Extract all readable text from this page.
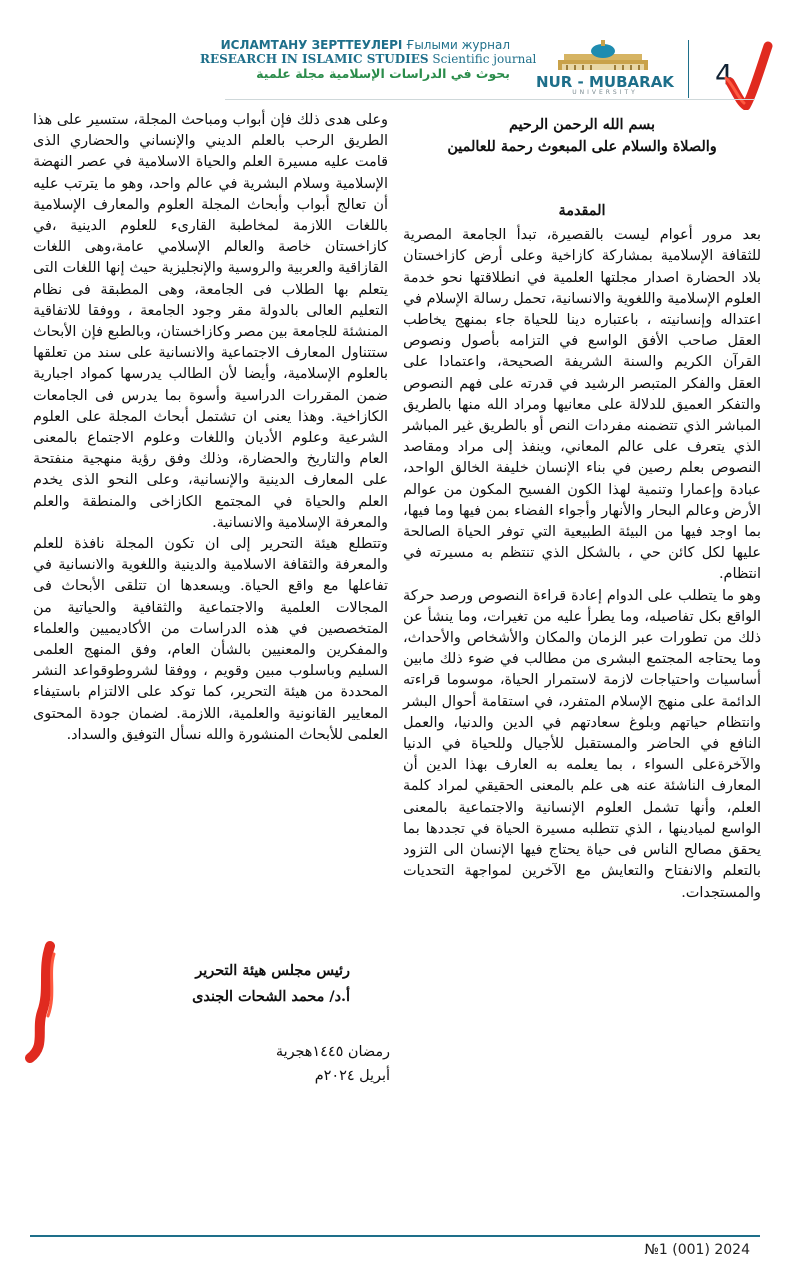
ИСЛАМТАНУ ЗЕРТТЕУЛЕРІ Ғылыми журнал
RESEARCH IN ISLAMIC STUDIES Scientific journal
بحوث في الدراسات الإسلامية مجلة علمية	NUR - MUBARAK
UNIVERSITY
4

بسم الله الرحمن الرحيم

والصلاة والسلام على المبعوث رحمة للعالمين

المقدمة

بعد مرور أعوام ليست بالقصيرة، تبدأ الجامعة المصرية للثقافة الإسلامية بمشاركة كازاخية وعلى أرض كازاخستان بلاد الحضارة اصدار مجلتها العلمية في انطلاقتها نحو خدمة العلوم الإسلامية واللغوية والانسانية، تحمل رسالة الإسلام في اعتداله وإنسانيته ، باعتباره دينا للحياة جاء بمنهج يخاطب العقل صاحب الأفق الواسع في التزامه بأصول ونصوص القرآن الكريم والسنة الشريفة الصحيحة، واعتمادا على العقل والفكر المتبصر الرشيد في قدرته على فهم النصوص والتفكر العميق للدلالة على معانيها ومراد الله منها بالطريق المباشر الذي تتضمنه مفردات النص أو بالطريق غير المباشر الذي يتعرف على عالم المعاني، وينفذ إلى مراد ومقاصد النصوص بعلم رصين في بناء الإنسان خليفة الخالق الواحد، عبادة وإعمارا وتنمية لهذا الكون الفسيح المكون من عوالم الأرض وعالم البحار والأنهار وأجواء الفضاء بمن فيها وما فيها، بما اوجد فيها من البيئة الطبيعية التي توفر الحياة الصالحة عليها لكل كائن حي ، بالشكل الذي تنتظم به مسيرته في انتظام.

وهو ما يتطلب على الدوام إعادة قراءة النصوص ورصد حركة الواقع بكل تفاصيله، وما يطرأ عليه من تغيرات، وما ينشأ عن ذلك من تطورات عبر الزمان والمكان والأشخاص والأحداث، وما يحتاجه المجتمع البشرى من مطالب في ضوء ذلك مابين أساسيات واحتياجات لازمة لاستمرار الحياة، موسوما قراءته الدائمة على منهج الإسلام المتفرد، في استقامة أحوال البشر وانتظام حياتهم وبلوغ سعادتهم في الدين والدنيا، والعمل النافع في الحاضر والمستقبل للأجيال وللحياة في الدنيا والآخرةعلى السواء ، بما يعلمه به العارف بهذا الدين أن المعارف الناشئة عنه هى علم بالمعنى الحقيقي لمراد كلمة العلم، وأنها تشمل العلوم الإنسانية والاجتماعية بالمعنى الواسع لميادينها ، الذي تتطلبه مسيرة الحياة في تجددها بما يحقق مصالح الناس فى حياة يحتاج فيها الإنسان الى التزود بالتعلم والانفتاح والتعايش مع الآخرين لمواجهة التحديات والمستجدات.

وعلى هدى ذلك فإن أبواب ومباحث المجلة، ستسير على هذا الطريق الرحب بالعلم الديني والإنساني والحضاري الذى قامت عليه مسيرة العلم والحياة الاسلامية في عصر النهضة الإسلامية وسلام البشرية في عالم واحد، وهو ما يترتب عليه أن تعالج أبواب وأبحاث المجلة العلوم والمعارف الإسلامية باللغات اللازمة لمخاطبة القارىء للعلوم الدينية ،في كازاخستان خاصة والعالم الإسلامي عامة،وهى اللغات القازاقية والعربية والروسية والإنجليزية حيث إنها اللغات التى يتعلم بها الطلاب فى الجامعة، وهى المطبقة فى نظام التعليم العالى بالدولة مقر وجود الجامعة ، ووفقا للاتفاقية المنشئة للجامعة بين مصر وكازاخستان، وبالطبع فإن الأبحاث ستتناول المعارف الاجتماعية والانسانية على سند من تعلقها بالعلوم الإسلامية، وأيضا لأن الطالب يدرسها كمواد اجبارية ضمن المقررات الدراسية وأسوة بما يدرس فى الجامعات الكازاخية. وهذا يعنى ان تشتمل أبحاث المجلة على العلوم الشرعية وعلوم الأديان واللغات وعلوم الاجتماع بالمعنى العام والتاريخ والحضارة، وذلك وفق رؤية منهجية منفتحة على المعارف الدينية والإنسانية، وعلى النحو الذى يخدم العلم والحياة في المجتمع الكازاخى والمنطقة والعلم والمعرفة الإسلامية والانسانية.

وتتطلع هيئة التحرير إلى ان تكون المجلة نافذة للعلم والمعرفة والثقافة الاسلامية والدينية واللغوية والانسانية في تفاعلها مع واقع الحياة. ويسعدها ان تتلقى الأبحاث فى المجالات العلمية والاجتماعية والثقافية والحياتية من المتخصصين في هذه الدراسات من الأكاديميين والعلماء والمفكرين والمعنيين بالشأن العام، وفق المنهج العلمى السليم وباسلوب مبين وقويم ، ووفقا لشروطوقواعد النشر المحددة من هيئة التحرير، كما توكد على الالتزام باستيفاء المعايير القانونية والعلمية، اللازمة. لضمان جودة المحتوى العلمى للأبحاث المنشورة والله نسأل التوفيق والسداد.

رئيس مجلس هيئة التحرير
أ.د/ محمد الشحات الجندى
رمضان ١٤٤٥هجرية
أبريل ٢٠٢٤م
№1 (001) 2024
